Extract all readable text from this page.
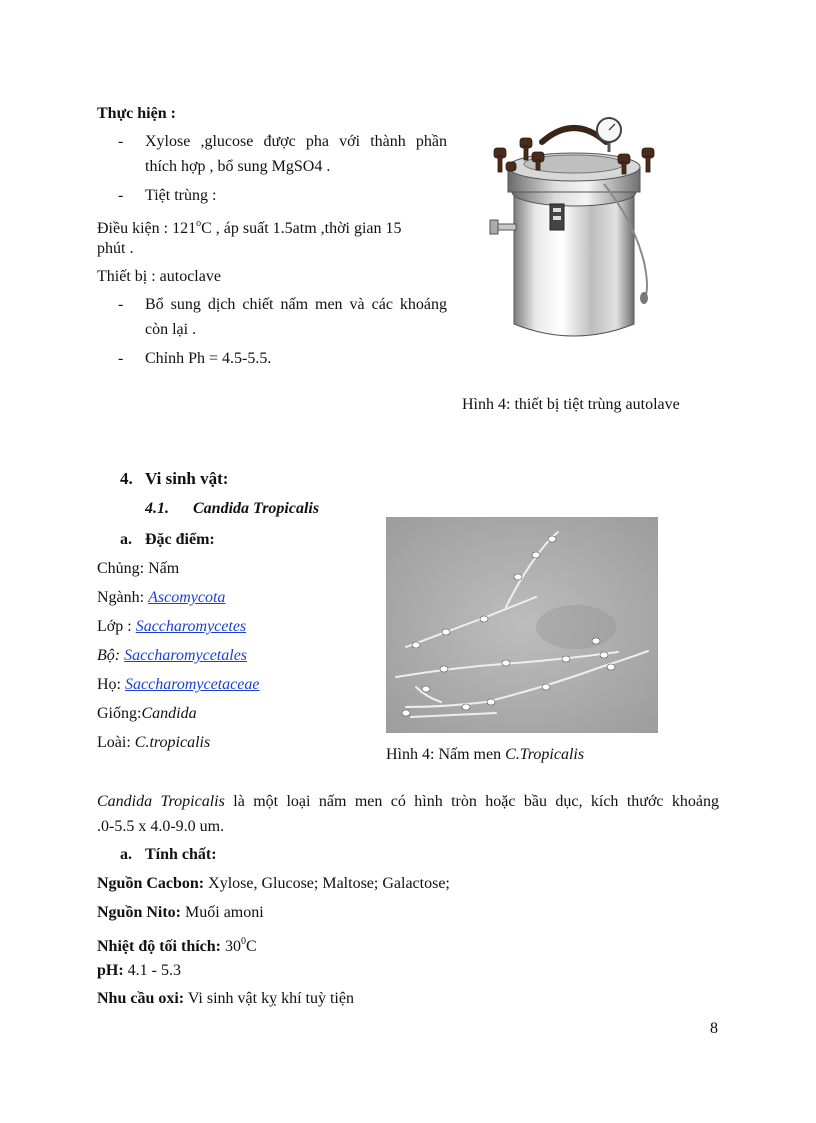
Thực hiện :
- Xylose ,glucose được pha với thành phần
thích hợp , bổ sung MgSO4 .
- Tiệt trùng :
Điều kiện : 121$^o$C , áp suất 1.5atm ,thời gian 15
phút .
Thiết bị : autoclave
- Bổ sung dịch chiết nấm men và các khoáng
còn lại .
- Chỉnh Ph = 4.5-5.5.
Hình 4: thiết bị tiệt trùng autolave
4. Vi sinh vật:
4.1. Candida Tropicalis
a. Đặc điểm:
Chủng: Nấm
Ngành: Ascomycota
Lớp : Saccharomycetes
Bộ: Saccharomycetales
Họ: Saccharomycetaceae
Giống:Candida
Loài: C.tropicalis
Hình 4: Nấm men C.Tropicalis
Candida Tropicalis là một loại nấm men có hình tròn hoặc bầu dục, kích thước khoảng
.0-5.5 x 4.0-9.0 um.
a. Tính chất:
Nguồn Cacbon: Xylose, Glucose; Maltose; Galactose;
Nguồn Nito: Muối amoni
Nhiệt độ tối thích: $30^0C$
pH: 4.1 - 5.3
Nhu cầu oxi: Vi sinh vật kỵ khí tuỳ tiện
8
